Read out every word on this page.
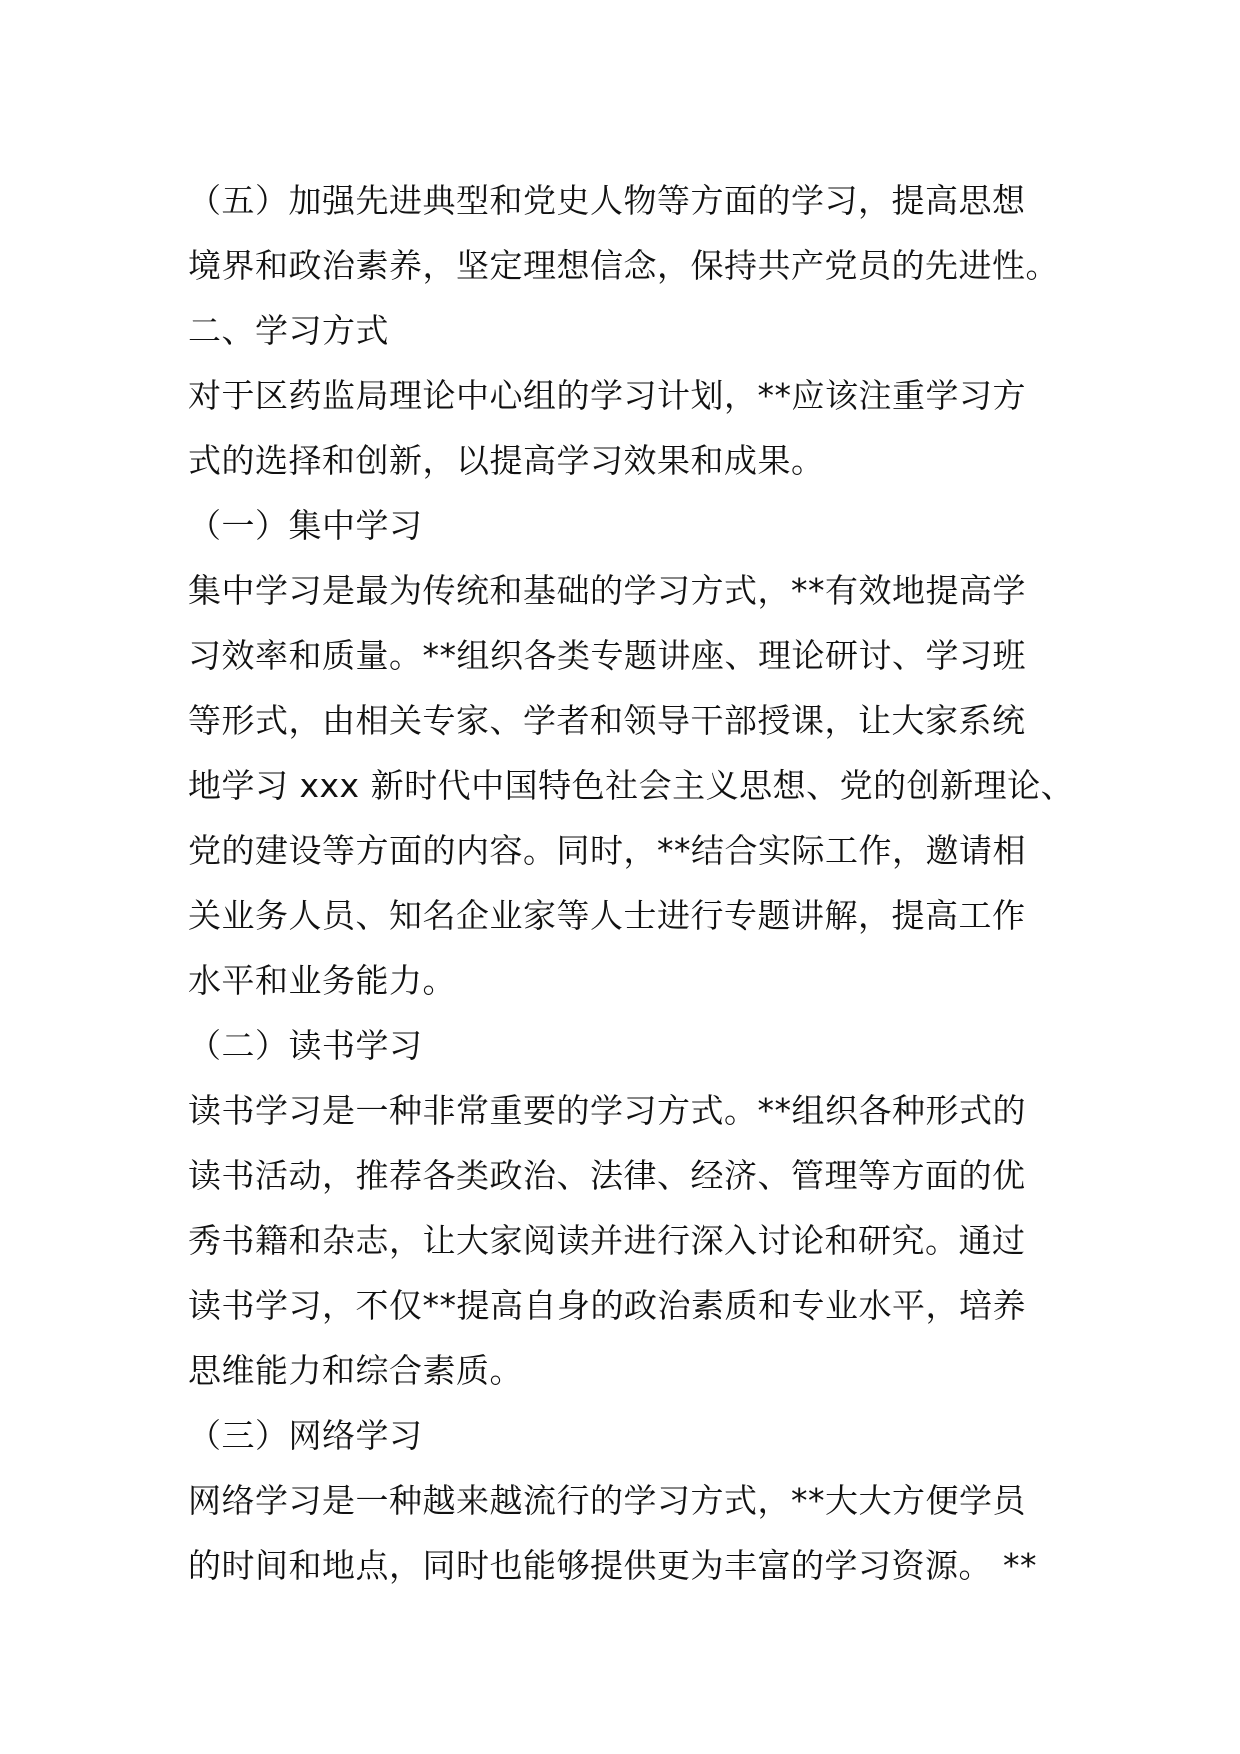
（五）加强先进典型和党史人物等方面的学习，提高思想
境界和政治素养，坚定理想信念，保持共产党员的先进性。
二、学习方式
对于区药监局理论中心组的学习计划，**应该注重学习方
式的选择和创新，以提高学习效果和成果。
（一）集中学习
集中学习是最为传统和基础的学习方式，**有效地提高学
习效率和质量。**组织各类专题讲座、理论研讨、学习班
等形式，由相关专家、学者和领导干部授课，让大家系统
地学习 xxx 新时代中国特色社会主义思想、党的创新理论、
党的建设等方面的内容。同时，**结合实际工作，邀请相
关业务人员、知名企业家等人士进行专题讲解，提高工作
水平和业务能力。
（二）读书学习
读书学习是一种非常重要的学习方式。**组织各种形式的
读书活动，推荐各类政治、法律、经济、管理等方面的优
秀书籍和杂志，让大家阅读并进行深入讨论和研究。通过
读书学习，不仅**提高自身的政治素质和专业水平，培养
思维能力和综合素质。
（三）网络学习
网络学习是一种越来越流行的学习方式，**大大方便学员
的时间和地点，同时也能够提供更为丰富的学习资源。 **
